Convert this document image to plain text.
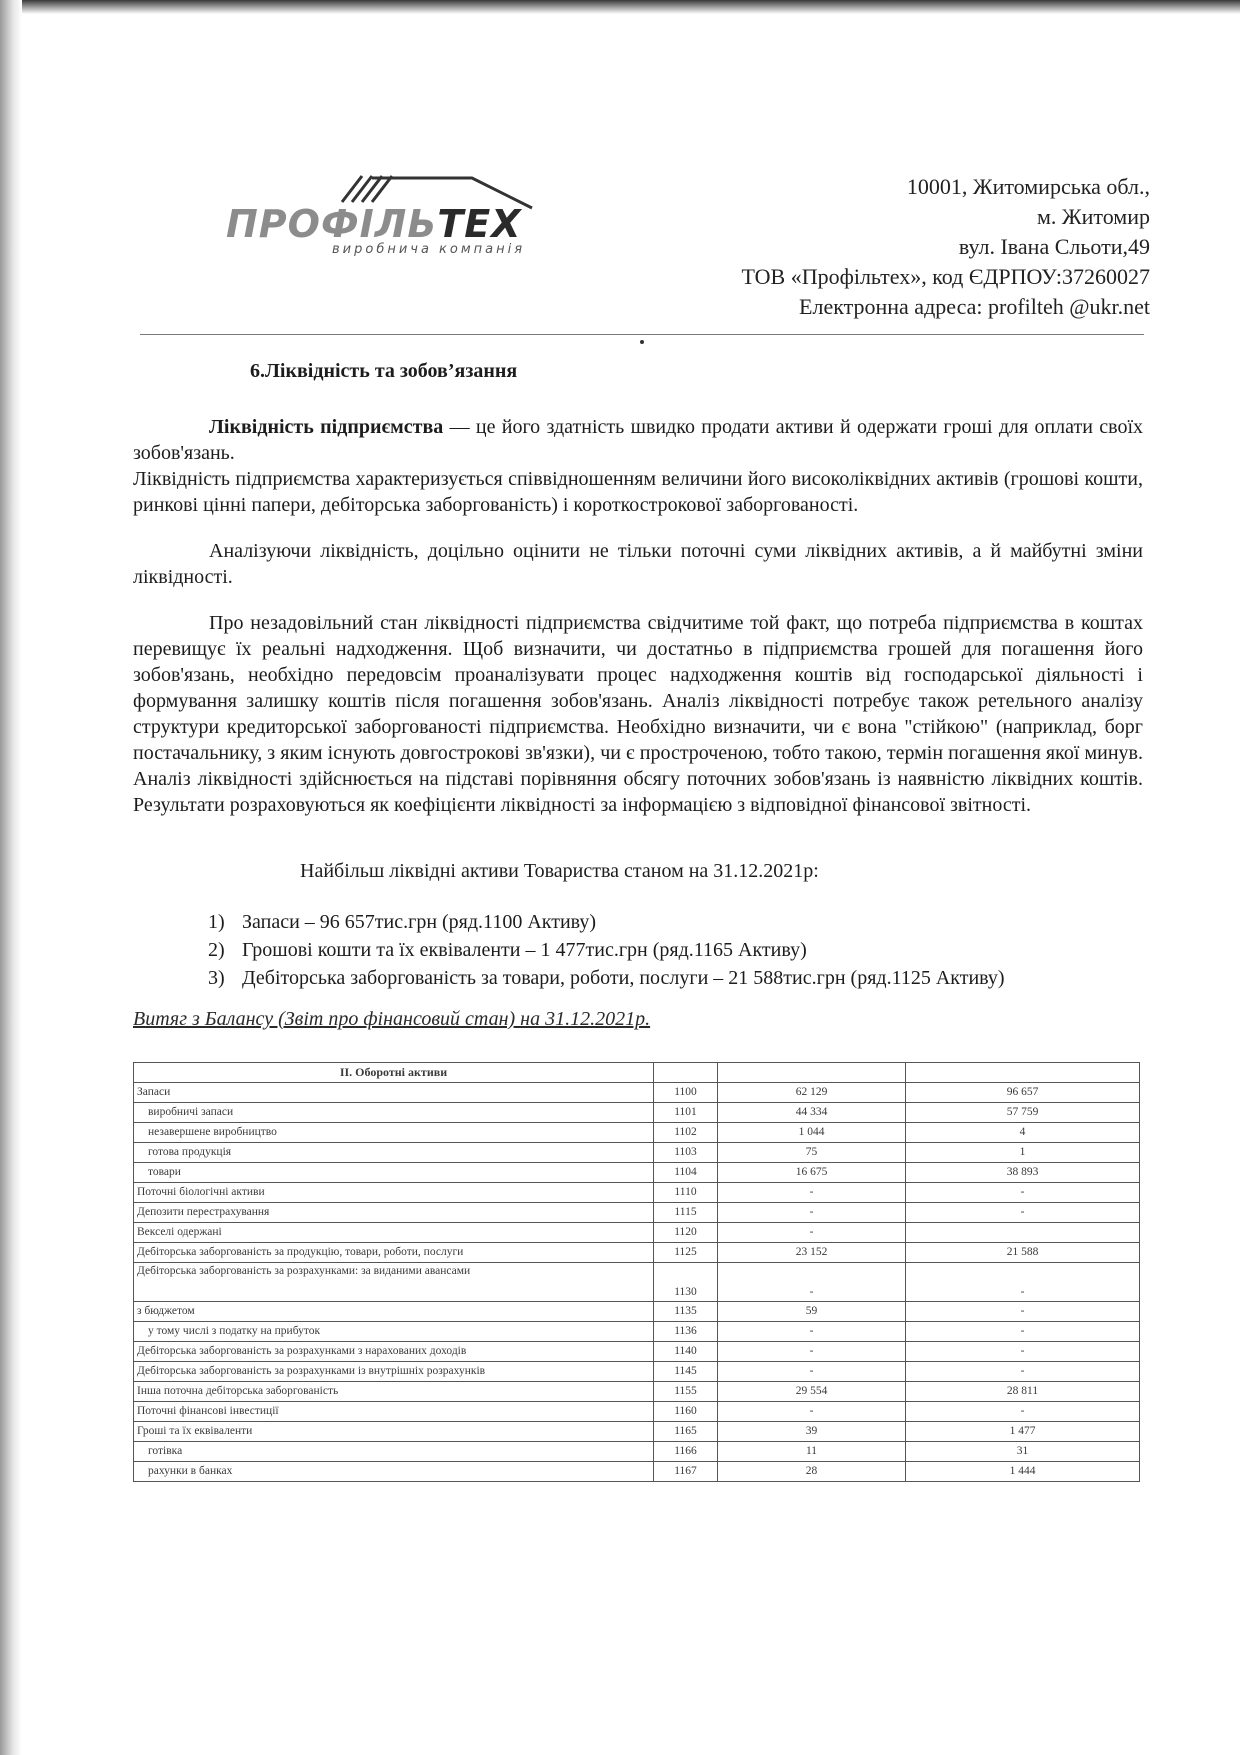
ПРОФІЛЬТЕХ
виробнича компанія
10001, Житомирська обл.,
м. Житомир
вул. Івана Сльоти,49
ТОВ «Профільтех», код ЄДРПОУ:37260027
Електронна адреса: profilteh @ukr.net
6.Ліквідність та зобов’язання
Ліквідність підприємства — це його здатність швидко продати активи й одержати гроші для оплати своїх зобов'язань.
Ліквідність підприємства характеризується співвідношенням величини його високоліквідних активів (грошові кошти, ринкові цінні папери, дебіторська заборгованість) і короткострокової заборгованості.
Аналізуючи ліквідність, доцільно оцінити не тільки поточні суми ліквідних активів, а й майбутні зміни ліквідності.
Про незадовільний стан ліквідності підприємства свідчитиме той факт, що потреба підприємства в коштах перевищує їх реальні надходження. Щоб визначити, чи достатньо в підприємства грошей для погашення його зобов'язань, необхідно передовсім проаналізувати процес надходження коштів від господарської діяльності і формування залишку коштів після погашення зобов'язань. Аналіз ліквідності потребує також ретельного аналізу структури кредиторської заборгованості підприємства. Необхідно визначити, чи є вона "стійкою" (наприклад, борг постачальнику, з яким існують довгострокові зв'язки), чи є простроченою, тобто такою, термін погашення якої минув. Аналіз ліквідності здійснюється на підставі порівняння обсягу поточних зобов'язань із наявністю ліквідних коштів. Результати розраховуються як коефіцієнти ліквідності за інформацією з відповідної фінансової звітності.
Найбільш ліквідні активи Товариства станом на 31.12.2021р:
1) Запаси – 96 657тис.грн (ряд.1100 Активу)
2) Грошові кошти та їх еквіваленти – 1 477тис.грн (ряд.1165 Активу)
3) Дебіторська заборгованість за товари, роботи, послуги – 21 588тис.грн (ряд.1125 Активу)
Витяг з Балансу (Звіт про фінансовий стан) на 31.12.2021р.
ІІ. Оборотні активи			
Запаси	1100	62 129	96 657
виробничі запаси	1101	44 334	57 759
незавершене виробництво	1102	1 044	4
готова продукція	1103	75	1
товари	1104	16 675	38 893
Поточні біологічні активи	1110	-	-
Депозити перестрахування	1115	-	-
Векселі одержані	1120	-	
Дебіторська заборгованість за продукцію, товари, роботи, послуги	1125	23 152	21 588
Дебіторська заборгованість за розрахунками: за виданими авансами	1130	-	-
з бюджетом	1135	59	-
у тому числі з податку на прибуток	1136	-	-
Дебіторська заборгованість за розрахунками з нарахованих доходів	1140	-	-
Дебіторська заборгованість за розрахунками із внутрішніх розрахунків	1145	-	-
Інша поточна дебіторська заборгованість	1155	29 554	28 811
Поточні фінансові інвестиції	1160	-	-
Гроші та їх еквіваленти	1165	39	1 477
готівка	1166	11	31
рахунки в банках	1167	28	1 444
